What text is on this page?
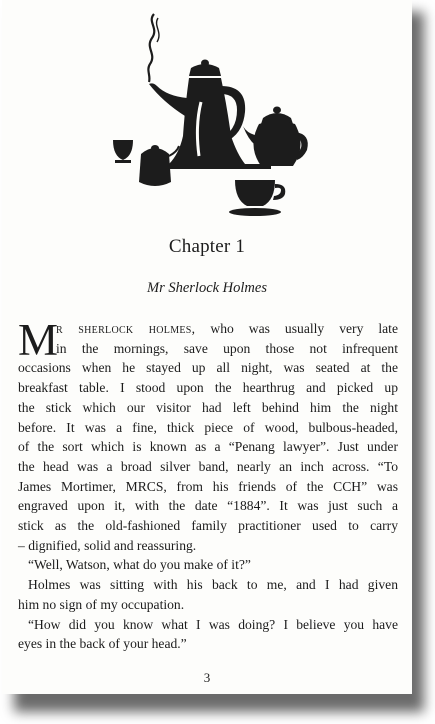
Chapter 1
Mr Sherlock Holmes
M
r sherlock holmes, who was usually very late
in the mornings, save upon those not infrequent
occasions when he stayed up all night, was seated at the
breakfast table. I stood upon the hearthrug and picked up
the stick which our visitor had left behind him the night
before. It was a fine, thick piece of wood, bulbous-headed,
of the sort which is known as a “Penang lawyer”. Just under
the head was a broad silver band, nearly an inch across. “To
James Mortimer, MRCS, from his friends of the CCH” was
engraved upon it, with the date “1884”. It was just such a
stick as the old-fashioned family practitioner used to carry
– dignified, solid and reassuring.
“Well, Watson, what do you make of it?”
Holmes was sitting with his back to me, and I had given
him no sign of my occupation.
“How did you know what I was doing? I believe you have
eyes in the back of your head.”
3
